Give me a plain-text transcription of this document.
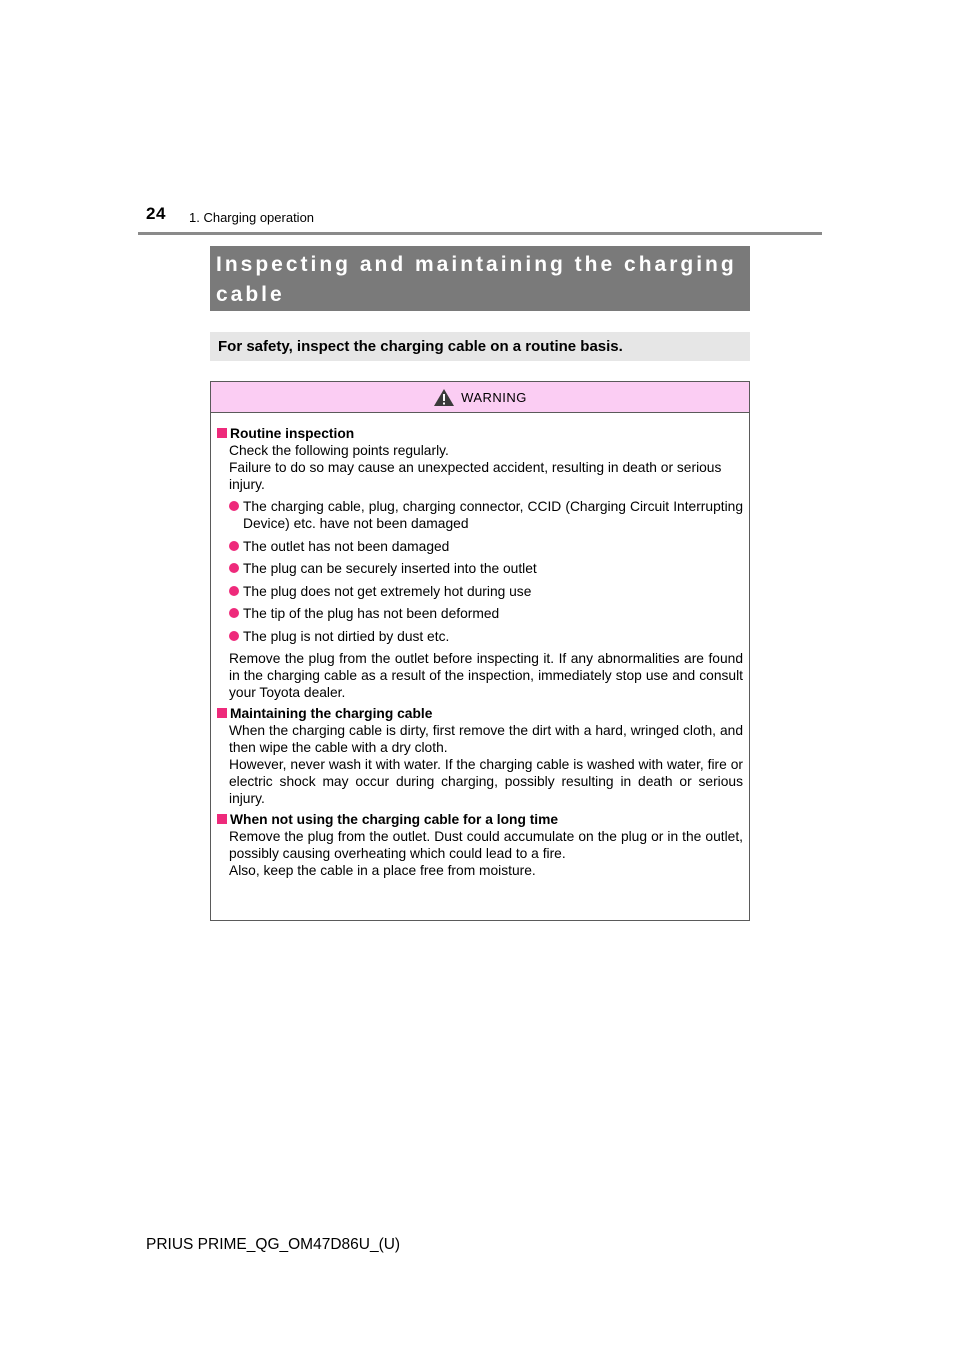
24 1. Charging operation
Inspecting and maintaining the charging cable
For safety, inspect the charging cable on a routine basis.
WARNING
Routine inspection
Check the following points regularly.
Failure to do so may cause an unexpected accident, resulting in death or serious injury.
The charging cable, plug, charging connector, CCID (Charging Circuit Interrupting Device) etc. have not been damaged
The outlet has not been damaged
The plug can be securely inserted into the outlet
The plug does not get extremely hot during use
The tip of the plug has not been deformed
The plug is not dirtied by dust etc.
Remove the plug from the outlet before inspecting it. If any abnormalities are found in the charging cable as a result of the inspection, immediately stop use and consult your Toyota dealer.
Maintaining the charging cable
When the charging cable is dirty, first remove the dirt with a hard, wringed cloth, and then wipe the cable with a dry cloth.
However, never wash it with water. If the charging cable is washed with water, fire or electric shock may occur during charging, possibly resulting in death or serious injury.
When not using the charging cable for a long time
Remove the plug from the outlet. Dust could accumulate on the plug or in the outlet, possibly causing overheating which could lead to a fire.
Also, keep the cable in a place free from moisture.
PRIUS PRIME_QG_OM47D86U_(U)
